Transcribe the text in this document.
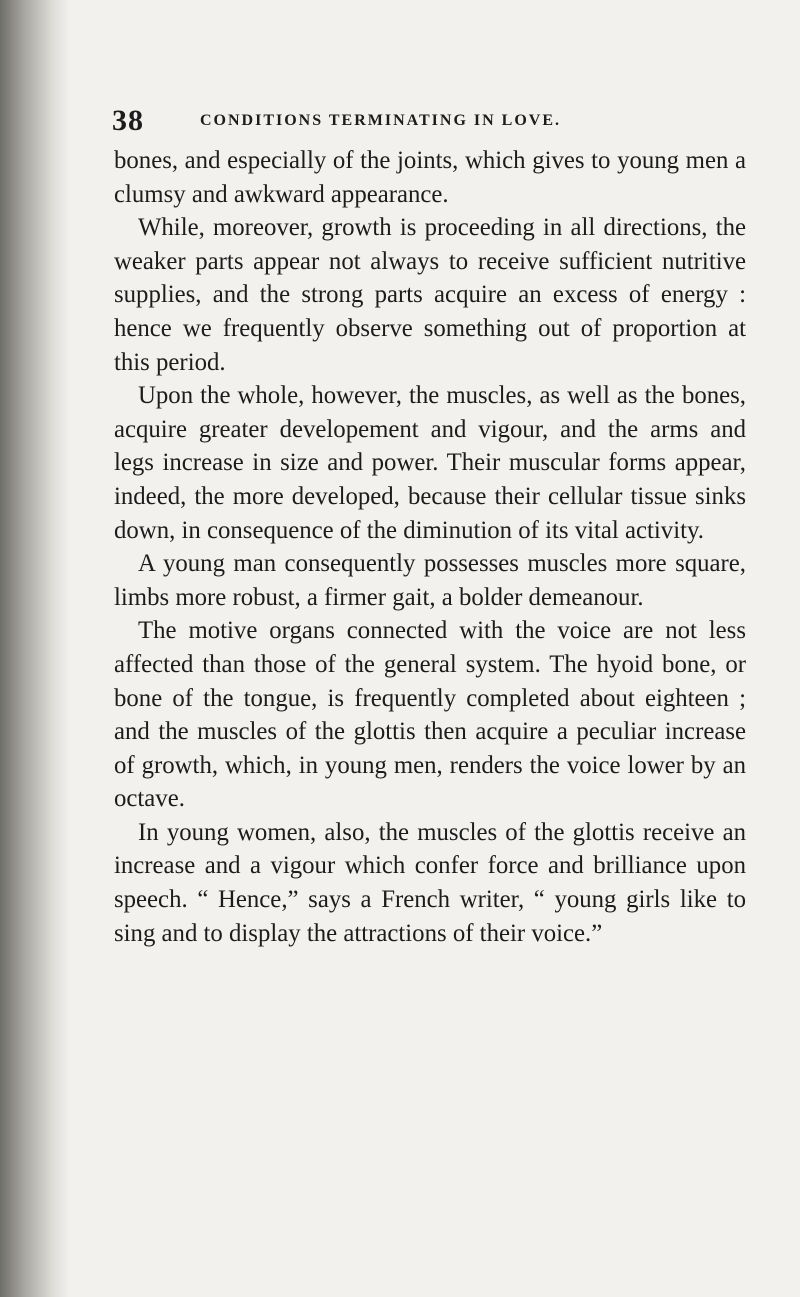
38	CONDITIONS TERMINATING IN LOVE.

bones, and especially of the joints, which gives to young men a clumsy and awkward appearance.

While, moreover, growth is proceeding in all directions, the weaker parts appear not always to receive sufficient nutritive supplies, and the strong parts acquire an excess of energy : hence we frequently observe something out of proportion at this period.

Upon the whole, however, the muscles, as well as the bones, acquire greater developement and vigour, and the arms and legs increase in size and power. Their muscular forms appear, indeed, the more developed, because their cellular tissue sinks down, in consequence of the diminution of its vital activity.

A young man consequently possesses muscles more square, limbs more robust, a firmer gait, a bolder demeanour.

The motive organs connected with the voice are not less affected than those of the general system. The hyoid bone, or bone of the tongue, is frequently completed about eighteen ; and the muscles of the glottis then acquire a peculiar increase of growth, which, in young men, renders the voice lower by an octave.

In young women, also, the muscles of the glottis receive an increase and a vigour which confer force and brilliance upon speech. “ Hence,” says a French writer, “ young girls like to sing and to display the attractions of their voice.”
